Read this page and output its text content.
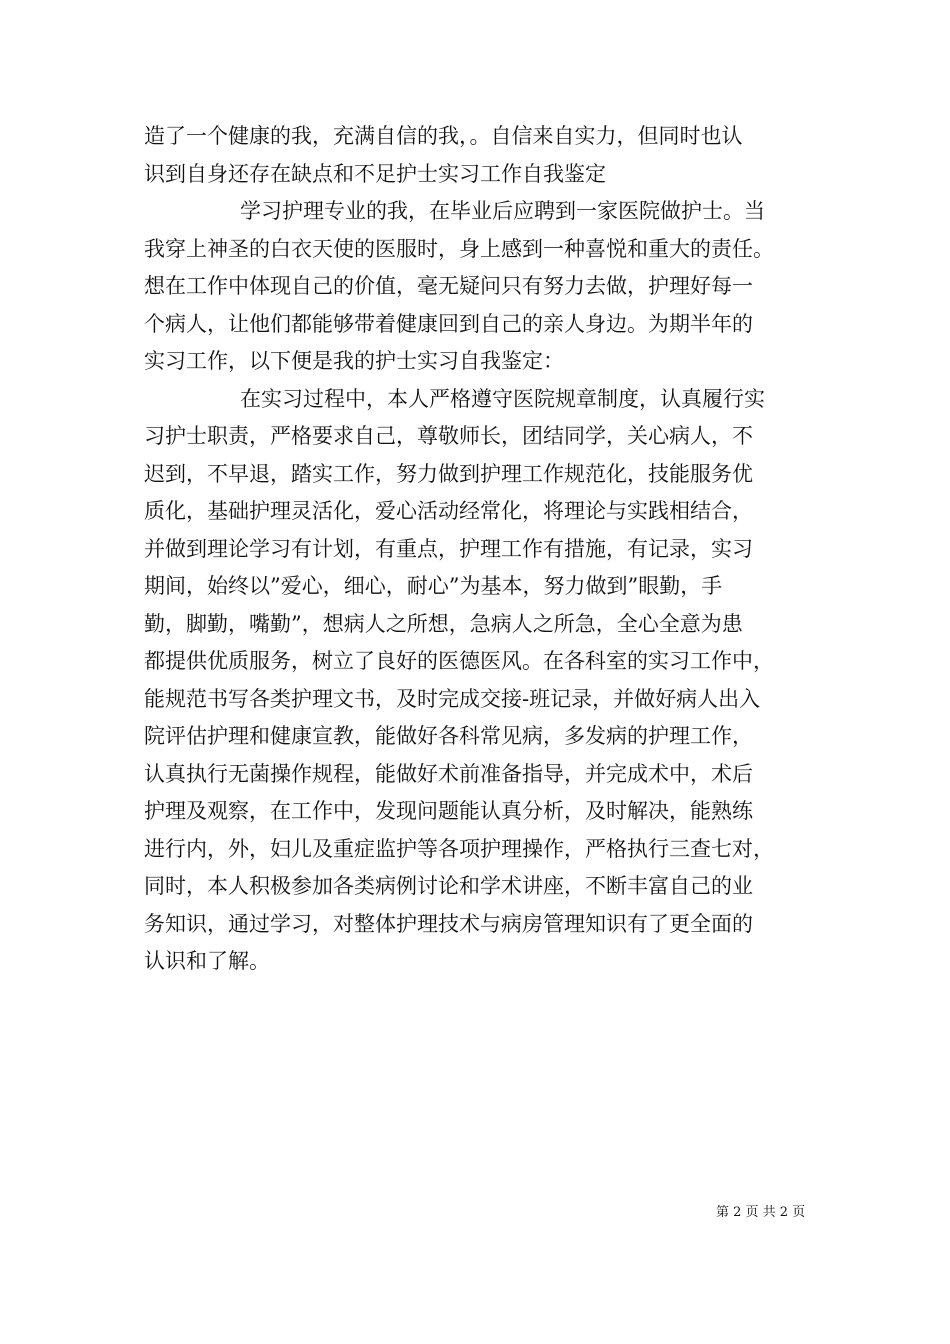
造了一个健康的我，充满自信的我，。自信来自实力，但同时也认
识到自身还存在缺点和不足护士实习工作自我鉴定
学习护理专业的我，在毕业后应聘到一家医院做护士。当
我穿上神圣的白衣天使的医服时，身上感到一种喜悦和重大的责任。
想在工作中体现自己的价值，毫无疑问只有努力去做，护理好每一
个病人，让他们都能够带着健康回到自己的亲人身边。为期半年的
实习工作，以下便是我的护士实习自我鉴定：
在实习过程中，本人严格遵守医院规章制度，认真履行实
习护士职责，严格要求自己，尊敬师长，团结同学，关心病人，不
迟到，不早退，踏实工作，努力做到护理工作规范化，技能服务优
质化，基础护理灵活化，爱心活动经常化，将理论与实践相结合，
并做到理论学习有计划，有重点，护理工作有措施，有记录，实习
期间，始终以”爱心，细心，耐心”为基本，努力做到”眼勤，手
勤，脚勤，嘴勤”，想病人之所想，急病人之所急，全心全意为患
都提供优质服务，树立了良好的医德医风。在各科室的实习工作中，
能规范书写各类护理文书，及时完成交接-班记录，并做好病人出入
院评估护理和健康宣教，能做好各科常见病，多发病的护理工作，
认真执行无菌操作规程，能做好术前准备指导，并完成术中，术后
护理及观察，在工作中，发现问题能认真分析，及时解决，能熟练
进行内，外，妇儿及重症监护等各项护理操作，严格执行三查七对，
同时，本人积极参加各类病例讨论和学术讲座，不断丰富自己的业
务知识，通过学习，对整体护理技术与病房管理知识有了更全面的
认识和了解。
第 2 页 共 2 页
